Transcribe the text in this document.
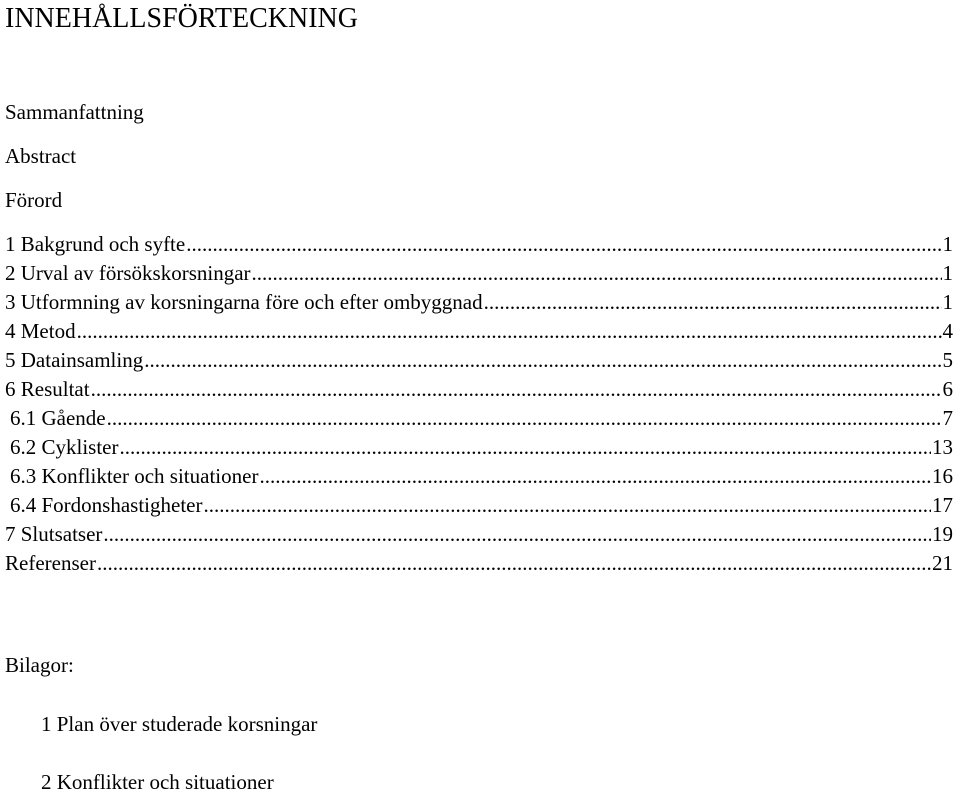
INNEHÅLLSFÖRTECKNING
Sammanfattning
Abstract
Förord
1 Bakgrund och syfte .....	1
2 Urval av försökskorsningar .....	1
3 Utformning av korsningarna före och efter ombyggnad .....	1
4 Metod .....	4
5 Datainsamling .....	5
6 Resultat .....	6
6.1 Gående .....	7
6.2 Cyklister .....	13
6.3 Konflikter och situationer .....	16
6.4 Fordonshastigheter .....	17
7 Slutsatser .....	19
Referenser .....	21
Bilagor:
1 Plan över studerade korsningar
2 Konflikter och situationer
